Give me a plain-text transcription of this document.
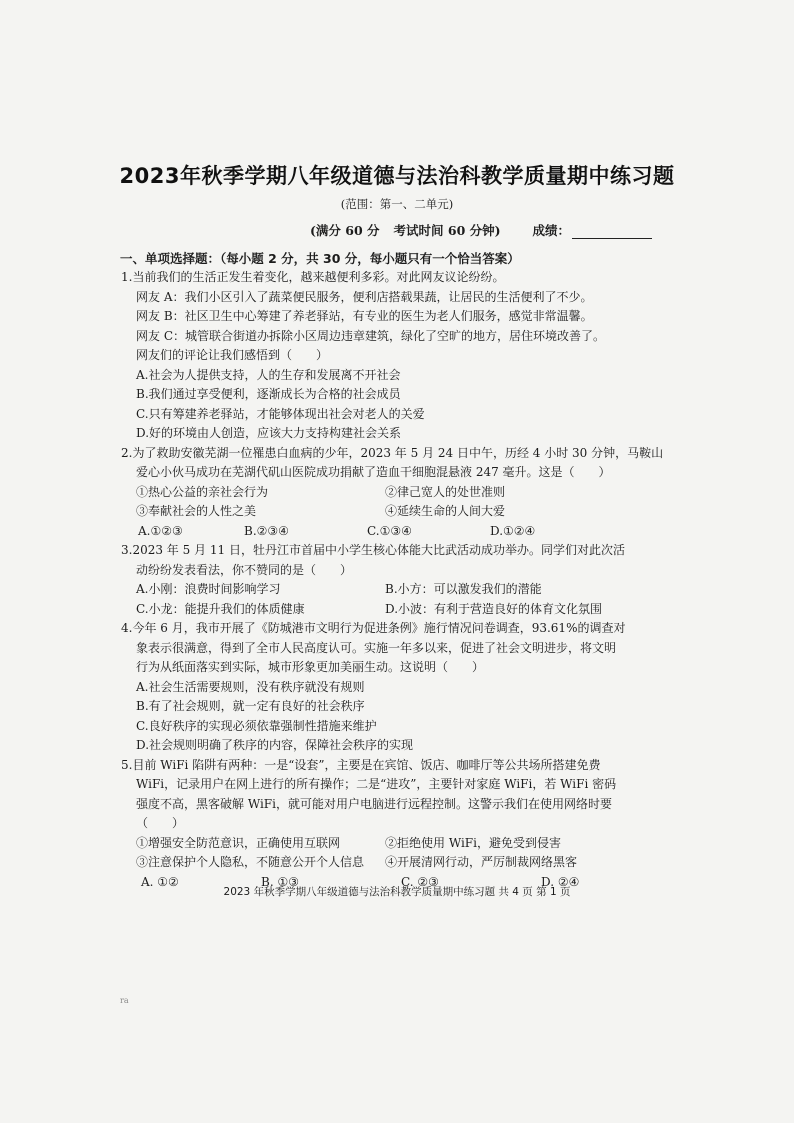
2023年秋季学期八年级道德与法治科教学质量期中练习题
(范围：第一、二单元)
(满分 60 分 考试时间 60 分钟)	成绩：
一、单项选择题：（每小题 2 分，共 30 分，每小题只有一个恰当答案）
1.当前我们的生活正发生着变化，越来越便利多彩。对此网友议论纷纷。
网友 A：我们小区引入了蔬菜便民服务，便利店搭载果蔬，让居民的生活便利了不少。
网友 B：社区卫生中心筹建了养老驿站，有专业的医生为老人们服务，感觉非常温馨。
网友 C：城管联合街道办拆除小区周边违章建筑，绿化了空旷的地方，居住环境改善了。
网友们的评论让我们感悟到（　　）
A.社会为人提供支持，人的生存和发展离不开社会
B.我们通过享受便利，逐渐成长为合格的社会成员
C.只有筹建养老驿站，才能够体现出社会对老人的关爱
D.好的环境由人创造，应该大力支持构建社会关系
2.为了救助安徽芜湖一位罹患白血病的少年，2023 年 5 月 24 日中午，历经 4 小时 30 分钟，马鞍山
爱心小伙马成功在芜湖代矶山医院成功捐献了造血干细胞混悬液 247 毫升。这是（　　）
①热心公益的亲社会行为	②律己宽人的处世准则
③奉献社会的人性之美	④延续生命的人间大爱
A.①②③	B.②③④	C.①③④	D.①②④
3.2023 年 5 月 11 日，牡丹江市首届中小学生核心体能大比武活动成功举办。同学们对此次活
动纷纷发表看法，你不赞同的是（　　）
A.小刚：浪费时间影响学习	B.小方：可以激发我们的潜能
C.小龙：能提升我们的体质健康	D.小波：有利于营造良好的体育文化氛围
4.今年 6 月，我市开展了《防城港市文明行为促进条例》施行情况问卷调查，93.61%的调查对
象表示很满意，得到了全市人民高度认可。实施一年多以来，促进了社会文明进步，将文明
行为从纸面落实到实际，城市形象更加美丽生动。这说明（　　）
A.社会生活需要规则，没有秩序就没有规则
B.有了社会规则，就一定有良好的社会秩序
C.良好秩序的实现必须依靠强制性措施来维护
D.社会规则明确了秩序的内容，保障社会秩序的实现
5.目前 WiFi 陷阱有两种：一是“设套”，主要是在宾馆、饭店、咖啡厅等公共场所搭建免费
WiFi，记录用户在网上进行的所有操作；二是“进攻”，主要针对家庭 WiFi，若 WiFi 密码
强度不高，黑客破解 WiFi，就可能对用户电脑进行远程控制。这警示我们在使用网络时要
（　　）
①增强安全防范意识，正确使用互联网	②拒绝使用 WiFi，避免受到侵害
③注意保护个人隐私，不随意公开个人信息	④开展清网行动，严厉制裁网络黑客
A. ①②	B. ①③	C. ②③	D. ②④
2023 年秋季学期八年级道德与法治科教学质量期中练习题 共 4 页 第 1 页
ra
